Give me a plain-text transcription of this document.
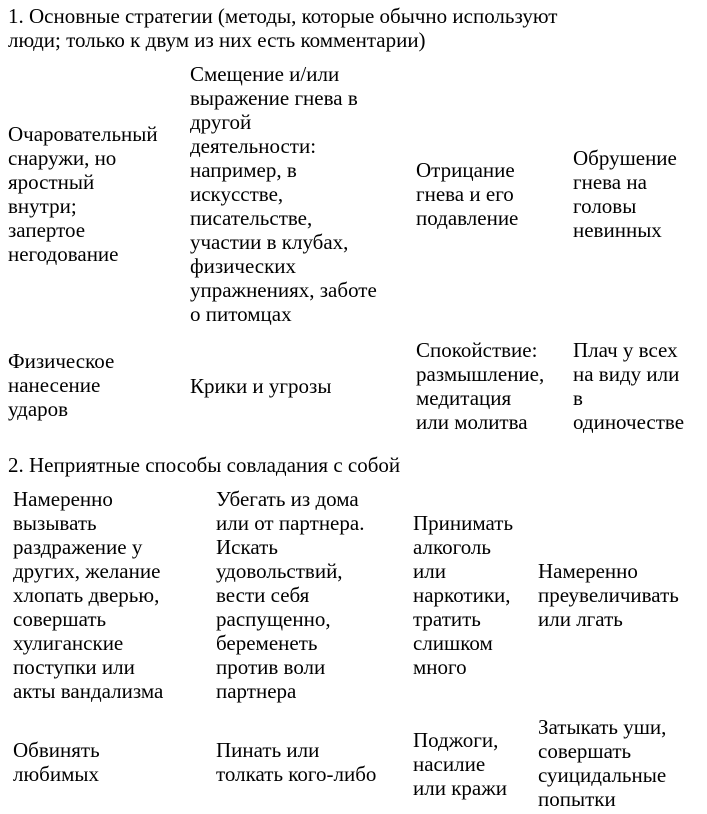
1. Основные стратегии (методы, которые обычно используют
люди; только к двум из них есть комментарии)
Очаровательный
снаружи, но
яростный
внутри;
запертое
негодование
Смещение и/или
выражение гнева в
другой
деятельности:
например, в
искусстве,
писательстве,
участии в клубах,
физических
упражнениях, заботе
о питомцах
Отрицание
гнева и его
подавление
Обрушение
гнева на
головы
невинных
Физическое
нанесение
ударов
Крики и угрозы
Спокойствие:
размышление,
медитация
или молитва
Плач у всех
на виду или
в
одиночестве
2. Неприятные способы совладания с собой
Намеренно
вызывать
раздражение у
других, желание
хлопать дверью,
совершать
хулиганские
поступки или
акты вандализма
Убегать из дома
или от партнера.
Искать
удовольствий,
вести себя
распущенно,
беременеть
против воли
партнера
Принимать
алкоголь
или
наркотики,
тратить
слишком
много
Намеренно
преувеличивать
или лгать
Обвинять
любимых
Пинать или
толкать кого-либо
Поджоги,
насилие
или кражи
Затыкать уши,
совершать
суицидальные
попытки
